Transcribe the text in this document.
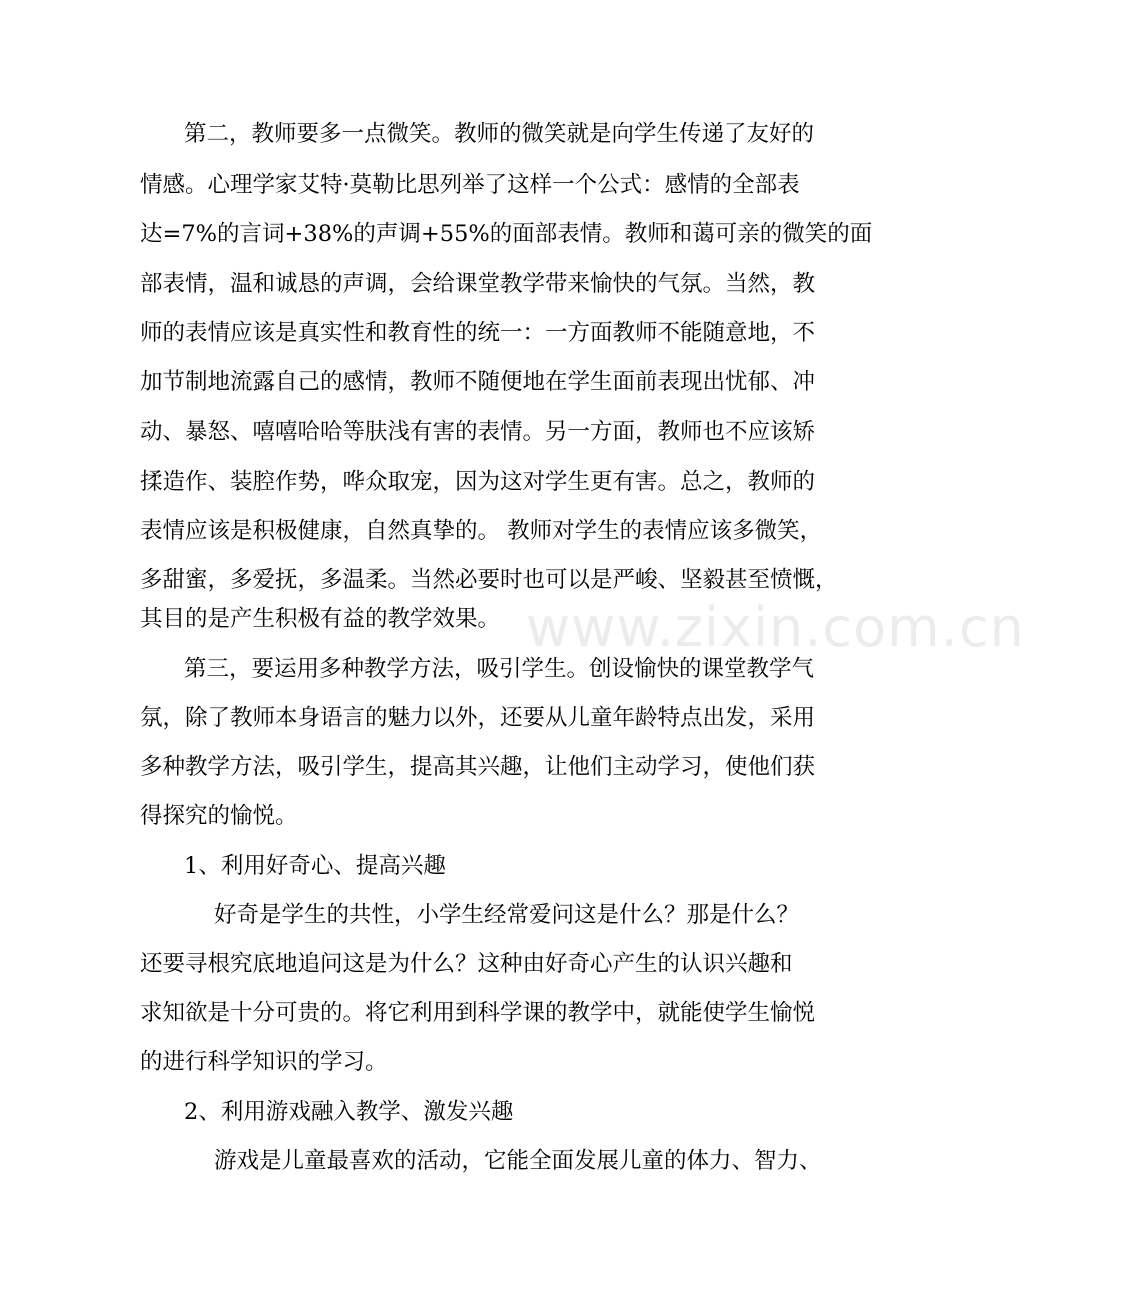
www.zixin.com.cn
第二，教师要多一点微笑。教师的微笑就是向学生传递了友好的
情感。心理学家艾特·莫勒比思列举了这样一个公式：感情的全部表
达=7%的言词+38%的声调+55%的面部表情。教师和蔼可亲的微笑的面
部表情，温和诚恳的声调，会给课堂教学带来愉快的气氛。当然，教
师的表情应该是真实性和教育性的统一：一方面教师不能随意地，不
加节制地流露自己的感情，教师不随便地在学生面前表现出忧郁、冲
动、暴怒、嘻嘻哈哈等肤浅有害的表情。另一方面，教师也不应该矫
揉造作、装腔作势，哗众取宠，因为这对学生更有害。总之，教师的
表情应该是积极健康，自然真挚的。 教师对学生的表情应该多微笑，
多甜蜜，多爱抚，多温柔。当然必要时也可以是严峻、坚毅甚至愤慨，
其目的是产生积极有益的教学效果。
第三，要运用多种教学方法，吸引学生。创设愉快的课堂教学气
氛，除了教师本身语言的魅力以外，还要从儿童年龄特点出发，采用
多种教学方法，吸引学生，提高其兴趣，让他们主动学习，使他们获
得探究的愉悦。
1、利用好奇心、提高兴趣
好奇是学生的共性，小学生经常爱问这是什么？那是什么？
还要寻根究底地追问这是为什么？这种由好奇心产生的认识兴趣和
求知欲是十分可贵的。将它利用到科学课的教学中，就能使学生愉悦
的进行科学知识的学习。
2、利用游戏融入教学、激发兴趣
游戏是儿童最喜欢的活动，它能全面发展儿童的体力、智力、
